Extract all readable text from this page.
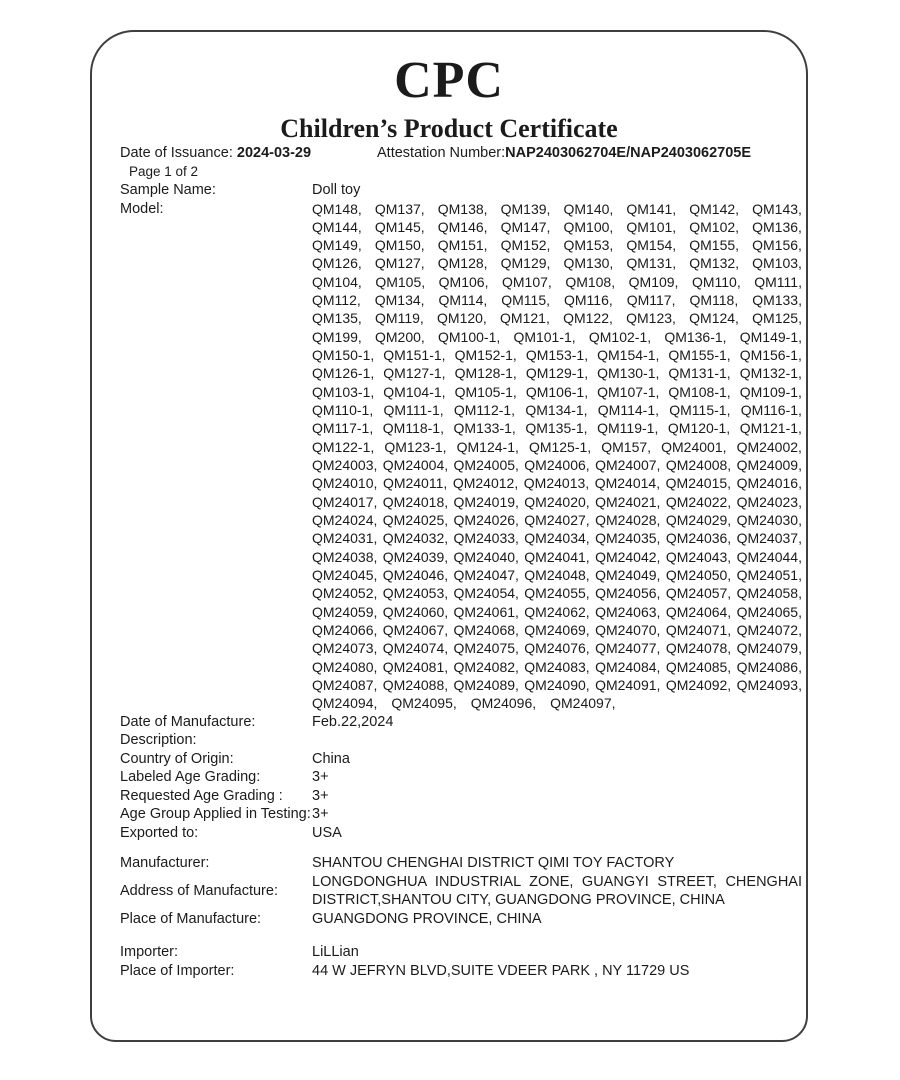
CPC
Children’s Product Certificate
Date of Issuance: 2024-03-29	Attestation Number:NAP2403062704E/NAP2403062705E
Page 1 of 2
Sample Name:	Doll toy
Model:	QM148, QM137, QM138, QM139, QM140, QM141, QM142, QM143,
QM144, QM145, QM146, QM147, QM100, QM101, QM102, QM136,
QM149, QM150, QM151, QM152, QM153, QM154, QM155, QM156,
QM126, QM127, QM128, QM129, QM130, QM131, QM132, QM103,
QM104, QM105, QM106, QM107, QM108, QM109, QM110, QM111,
QM112, QM134, QM114, QM115, QM116, QM117, QM118, QM133,
QM135, QM119, QM120, QM121, QM122, QM123, QM124, QM125,
QM199, QM200, QM100-1, QM101-1, QM102-1, QM136-1, QM149-1,
QM150-1, QM151-1, QM152-1, QM153-1, QM154-1, QM155-1, QM156-1,
QM126-1, QM127-1, QM128-1, QM129-1, QM130-1, QM131-1, QM132-1,
QM103-1, QM104-1, QM105-1, QM106-1, QM107-1, QM108-1, QM109-1,
QM110-1, QM111-1, QM112-1, QM134-1, QM114-1, QM115-1, QM116-1,
QM117-1, QM118-1, QM133-1, QM135-1, QM119-1, QM120-1, QM121-1,
QM122-1, QM123-1, QM124-1, QM125-1, QM157, QM24001, QM24002,
QM24003, QM24004, QM24005, QM24006, QM24007, QM24008, QM24009,
QM24010, QM24011, QM24012, QM24013, QM24014, QM24015, QM24016,
QM24017, QM24018, QM24019, QM24020, QM24021, QM24022, QM24023,
QM24024, QM24025, QM24026, QM24027, QM24028, QM24029, QM24030,
QM24031, QM24032, QM24033, QM24034, QM24035, QM24036, QM24037,
QM24038, QM24039, QM24040, QM24041, QM24042, QM24043, QM24044,
QM24045, QM24046, QM24047, QM24048, QM24049, QM24050, QM24051,
QM24052, QM24053, QM24054, QM24055, QM24056, QM24057, QM24058,
QM24059, QM24060, QM24061, QM24062, QM24063, QM24064, QM24065,
QM24066, QM24067, QM24068, QM24069, QM24070, QM24071, QM24072,
QM24073, QM24074, QM24075, QM24076, QM24077, QM24078, QM24079,
QM24080, QM24081, QM24082, QM24083, QM24084, QM24085, QM24086,
QM24087, QM24088, QM24089, QM24090, QM24091, QM24092, QM24093,
QM24094, QM24095, QM24096, QM24097,
Date of Manufacture:	Feb.22,2024
Description:
Country of Origin:	China
Labeled Age Grading:	3+
Requested Age Grading :	3+
Age Group Applied in Testing: 3+
Exported to:	USA
Manufacturer:	SHANTOU CHENGHAI DISTRICT QIMI TOY FACTORY
Address of Manufacture:
LONGDONGHUA INDUSTRIAL ZONE, GUANGYI STREET, CHENGHAI DISTRICT,SHANTOU CITY, GUANGDONG PROVINCE, CHINA
Place of Manufacture:	GUANGDONG PROVINCE, CHINA
Importer:	LiLLian
Place of Importer:	44 W JEFRYN BLVD,SUITE VDEER PARK , NY 11729 US
